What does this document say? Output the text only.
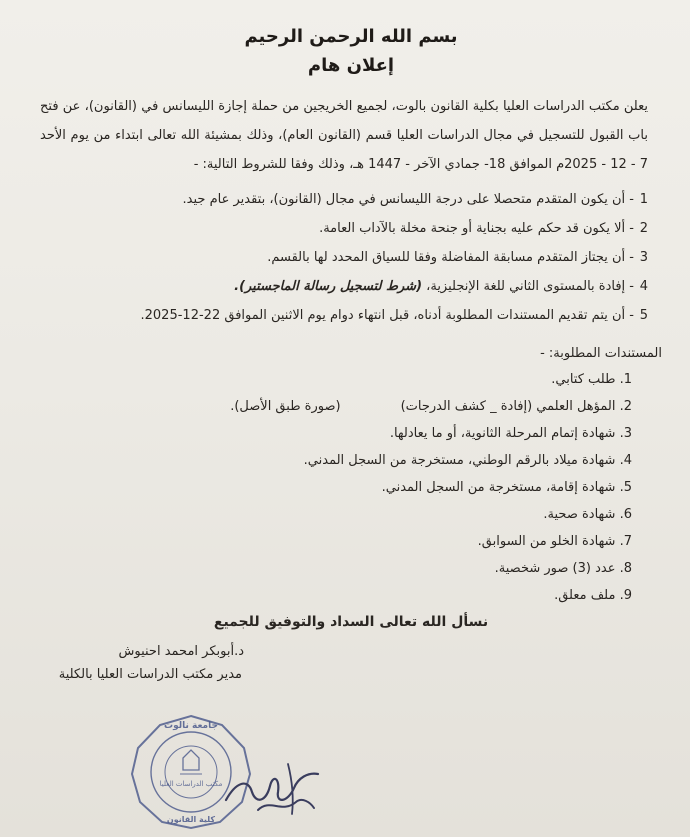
بسم الله الرحمن الرحيم
إعلان هام

يعلن مكتب الدراسات العليا بكلية القانون بالوت، لجميع الخريجين من حملة إجازة الليسانس في (القانون)، عن فتح باب القبول للتسجيل في مجال الدراسات العليا قسم (القانون العام)، وذلك بمشيئة الله تعالى ابتداء من يوم الأحد 7 - 12 - 2025م الموافق 18- جمادي الآخر - 1447 هـ، وذلك وفقا للشروط التالية: -

1- أن يكون المتقدم متحصلا على درجة الليسانس في مجال (القانون)، بتقدير عام جيد.
2- ألا يكون قد حكم عليه بجناية أو جنحة مخلة بالآداب العامة.
3- أن يجتاز المتقدم مسابقة المفاضلة وفقا للسياق المحدد لها بالقسم.
4- إفادة بالمستوى الثاني للغة الإنجليزية، (شرط لتسجيل رسالة الماجستير).
5- أن يتم تقديم المستندات المطلوبة أدناه، قبل انتهاء دوام يوم الاثنين الموافق 22-12-2025.
المستندات المطلوبة: -
1. طلب كتابي.
2. المؤهل العلمي (إفادة _ كشف الدرجات)(صورة طبق الأصل).
3. شهادة إتمام المرحلة الثانوية، أو ما يعادلها.
4. شهادة ميلاد بالرقم الوطني، مستخرجة من السجل المدني.
5. شهادة إقامة، مستخرجة من السجل المدني.
6. شهادة صحية.
7. شهادة الخلو من السوابق.
8. عدد (3) صور شخصية.
9. ملف معلق.
نسأل الله تعالى السداد والتوفيق للجميع
د.أبوبكر امحمد احنيوش
مدير مكتب الدراسات العليا بالكلية
جامعة نالوت
مكتب الدراسات العليا
كلية القانون
